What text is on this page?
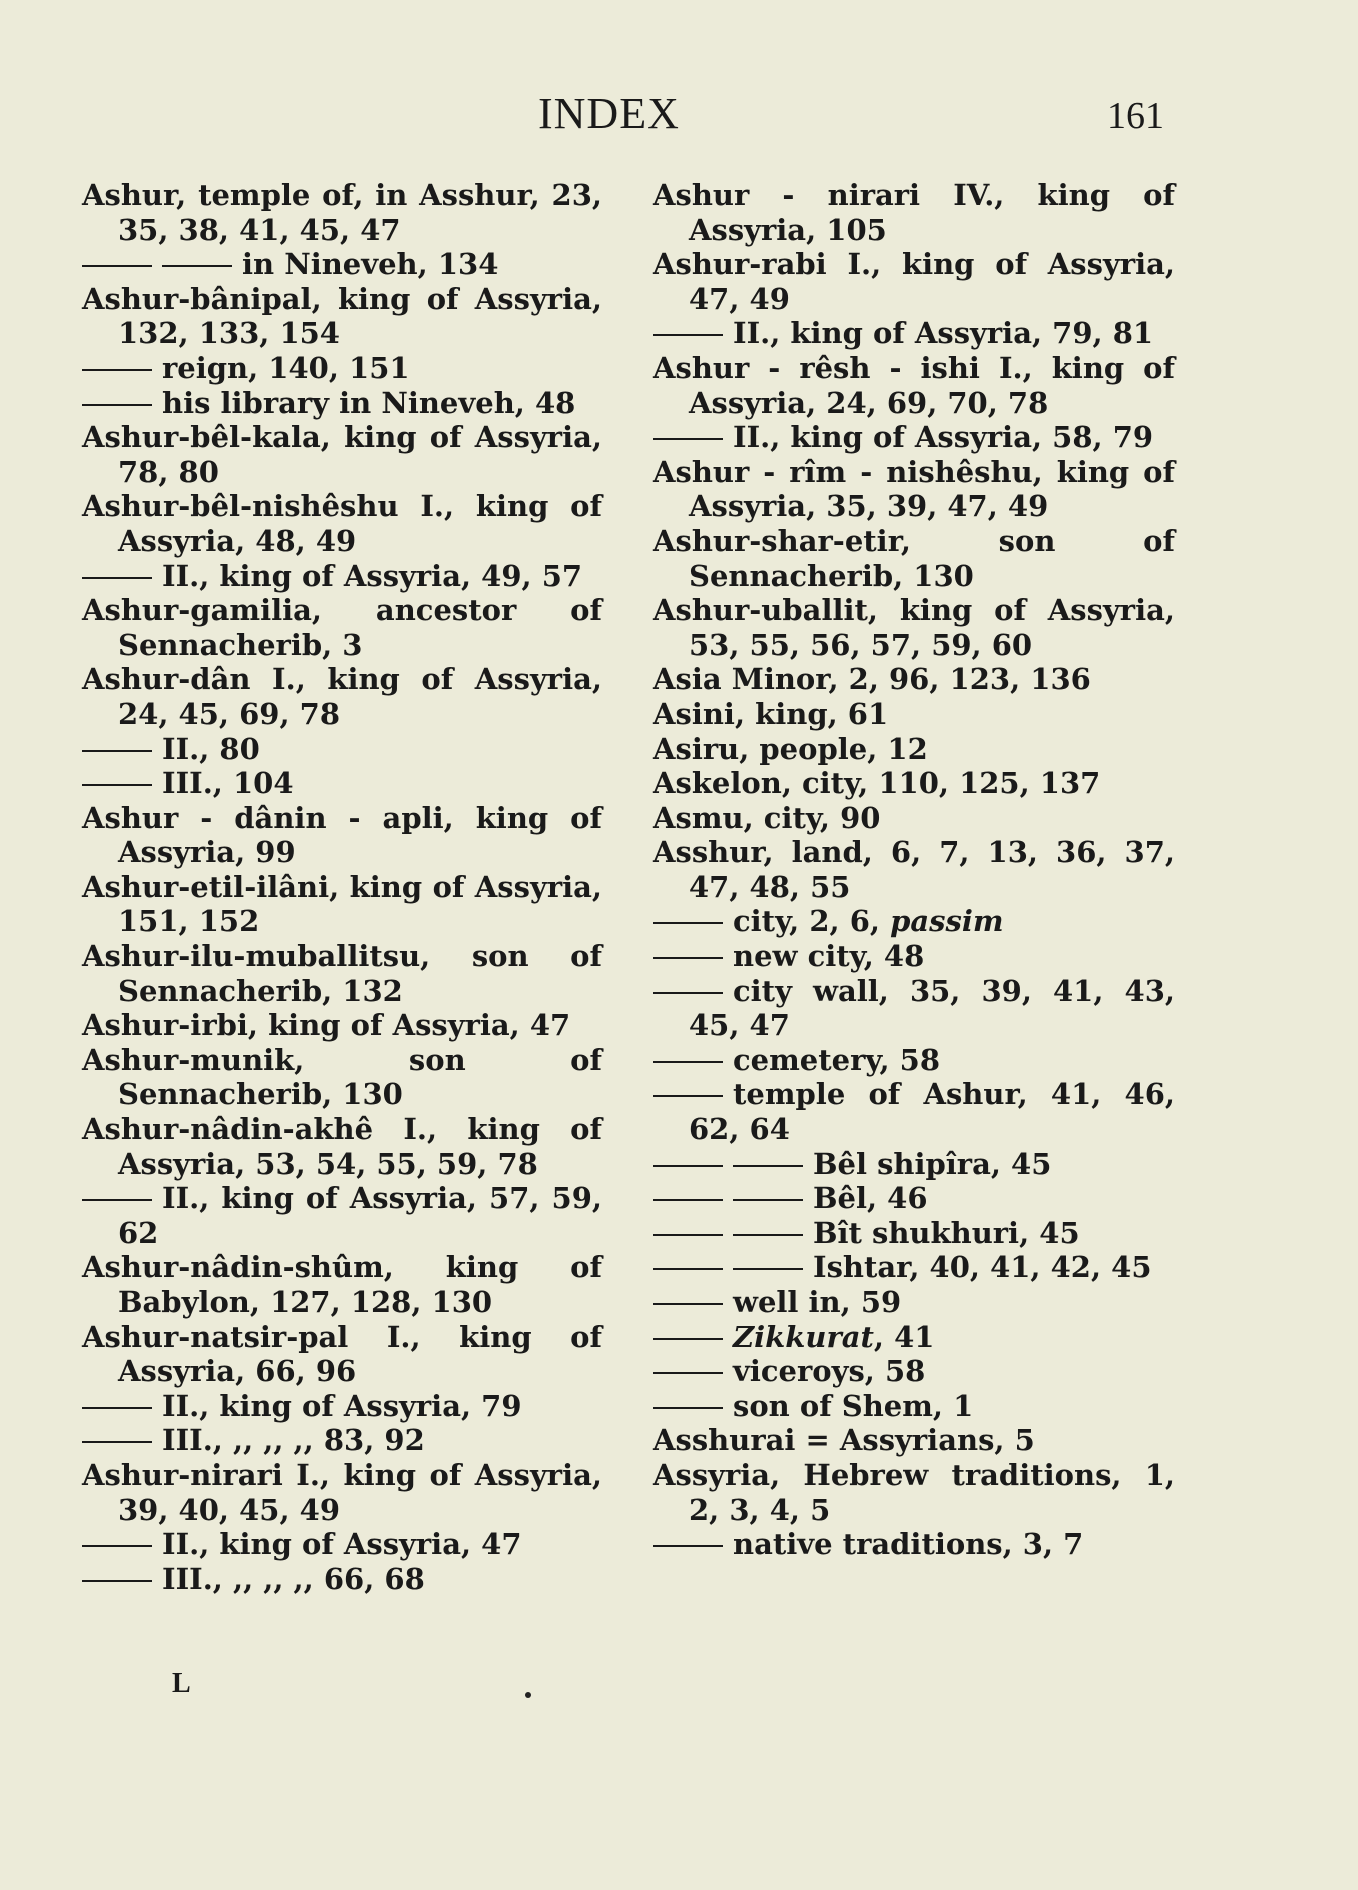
INDEX	161

Ashur, temple of, in Asshur, 23, 35, 38, 41, 45, 47

in Nineveh, 134

Ashur-bânipal, king of Assyria, 132, 133, 154

reign, 140, 151

his library in Nineveh, 48

Ashur-bêl-kala, king of Assyria, 78, 80

Ashur-bêl-nishêshu I., king of Assyria, 48, 49

II., king of Assyria, 49, 57

Ashur-gamilia, ancestor of Sennacherib, 3

Ashur-dân I., king of Assyria, 24, 45, 69, 78

II., 80

III., 104

Ashur - dânin - apli, king of Assyria, 99

Ashur-etil-ilâni, king of Assyria, 151, 152

Ashur-ilu-muballitsu, son of Sennacherib, 132

Ashur-irbi, king of Assyria, 47

Ashur-munik, son of Sennacherib, 130

Ashur-nâdin-akhê I., king of Assyria, 53, 54, 55, 59, 78

II., king of Assyria, 57, 59, 62

Ashur-nâdin-shûm, king of Babylon, 127, 128, 130

Ashur-natsir-pal I., king of Assyria, 66, 96

II., king of Assyria, 79

III., ,, ,, ,, 83, 92

Ashur-nirari I., king of Assyria, 39, 40, 45, 49

II., king of Assyria, 47

III., ,, ,, ,, 66, 68

Ashur - nirari IV., king of Assyria, 105

Ashur-rabi I., king of Assyria, 47, 49

II., king of Assyria, 79, 81

Ashur - rêsh - ishi I., king of Assyria, 24, 69, 70, 78

II., king of Assyria, 58, 79

Ashur - rîm - nishêshu, king of Assyria, 35, 39, 47, 49

Ashur-shar-etir, son of Sennacherib, 130

Ashur-uballit, king of Assyria, 53, 55, 56, 57, 59, 60

Asia Minor, 2, 96, 123, 136

Asini, king, 61

Asiru, people, 12

Askelon, city, 110, 125, 137

Asmu, city, 90

Asshur, land, 6, 7, 13, 36, 37, 47, 48, 55

city, 2, 6, passim

new city, 48

city wall, 35, 39, 41, 43, 45, 47

cemetery, 58

temple of Ashur, 41, 46, 62, 64

Bêl shipîra, 45

Bêl, 46

Bît shukhuri, 45

Ishtar, 40, 41, 42, 45

well in, 59

Zikkurat, 41

viceroys, 58

son of Shem, 1

Asshurai = Assyrians, 5

Assyria, Hebrew traditions, 1, 2, 3, 4, 5

native traditions, 3, 7

L
